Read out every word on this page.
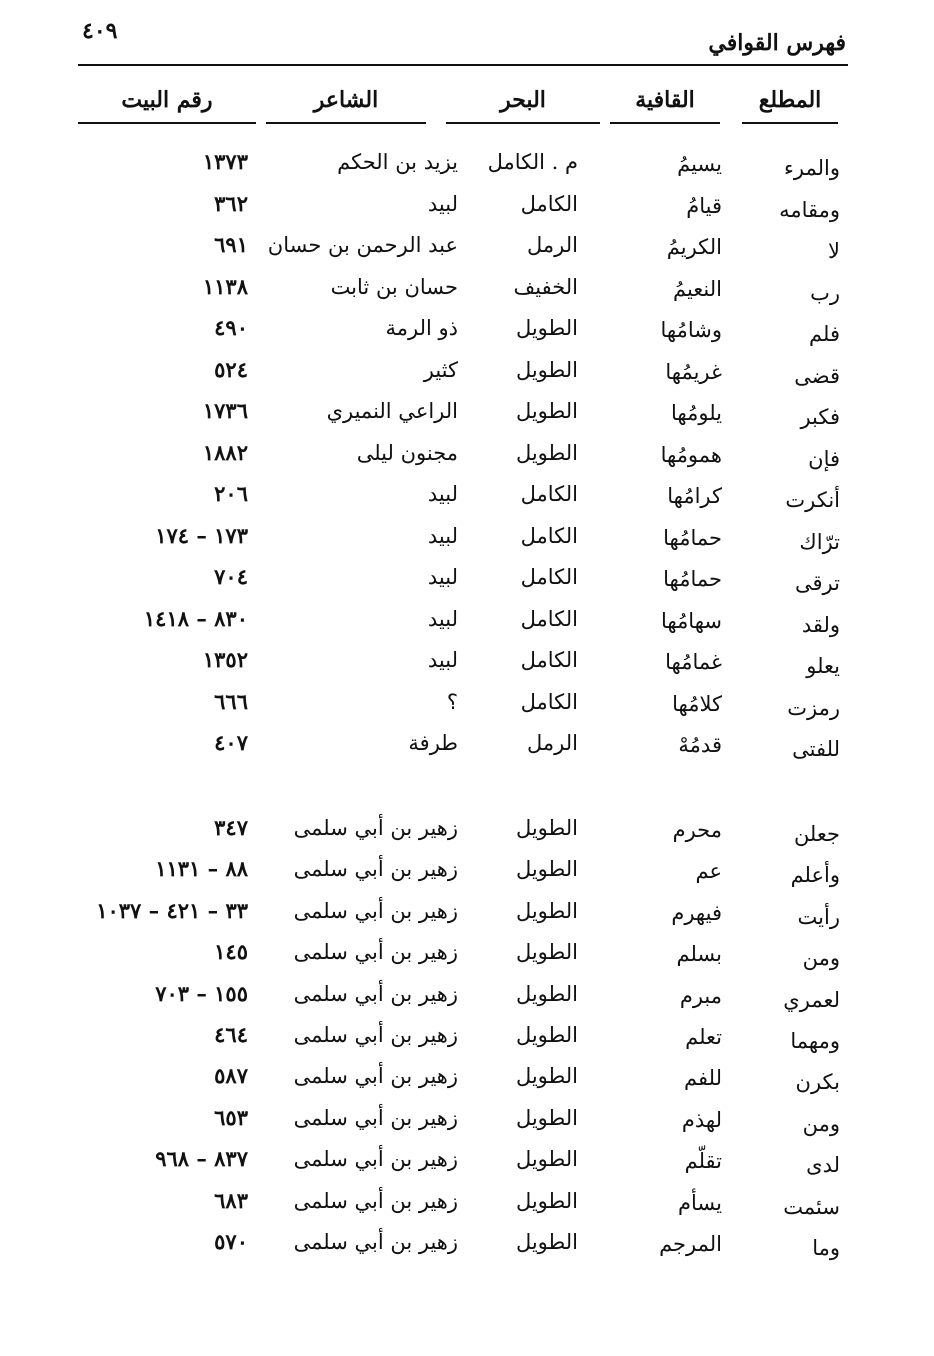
فهرس القوافي
٤٠٩
المطلع
القافية
البحر
الشاعر
رقم البيت
والمرء
يسيمُ
م . الكامل
يزيد بن الحكم
١٣٧٣
ومقامه
قيامُ
الكامل
لبيد
٣٦٢
لا
الكريمُ
الرمل
عبد الرحمن بن حسان
٦٩١
رب
النعيمُ
الخفيف
حسان بن ثابت
١١٣٨
فلم
وشامُها
الطويل
ذو الرمة
٤٩٠
قضى
غريمُها
الطويل
كثير
٥٢٤
فكبر
يلومُها
الطويل
الراعي النميري
١٧٣٦
فإن
همومُها
الطويل
مجنون ليلى
١٨٨٢
أنكرت
كرامُها
الكامل
لبيد
٢٠٦
ترّاك
حمامُها
الكامل
لبيد
١٧٣ – ١٧٤
ترقى
حمامُها
الكامل
لبيد
٧٠٤
ولقد
سهامُها
الكامل
لبيد
٨٣٠ – ١٤١٨
يعلو
غمامُها
الكامل
لبيد
١٣٥٢
رمزت
كلامُها
الكامل
؟
٦٦٦
للفتى
قدمُهْ
الرمل
طرفة
٤٠٧
جعلن
محرم
الطويل
زهير بن أبي سلمى
٣٤٧
وأعلم
عم
الطويل
زهير بن أبي سلمى
٨٨ – ١١٣١
رأيت
فيهرم
الطويل
زهير بن أبي سلمى
٣٣ – ٤٢١ – ١٠٣٧
ومن
بسلم
الطويل
زهير بن أبي سلمى
١٤٥
لعمري
مبرم
الطويل
زهير بن أبي سلمى
١٥٥ – ٧٠٣
ومهما
تعلم
الطويل
زهير بن أبي سلمى
٤٦٤
بكرن
للفم
الطويل
زهير بن أبي سلمى
٥٨٧
ومن
لهذم
الطويل
زهير بن أبي سلمى
٦٥٣
لدى
تقلّم
الطويل
زهير بن أبي سلمى
٨٣٧ – ٩٦٨
سئمت
يسأم
الطويل
زهير بن أبي سلمى
٦٨٣
وما
المرجم
الطويل
زهير بن أبي سلمى
٥٧٠
